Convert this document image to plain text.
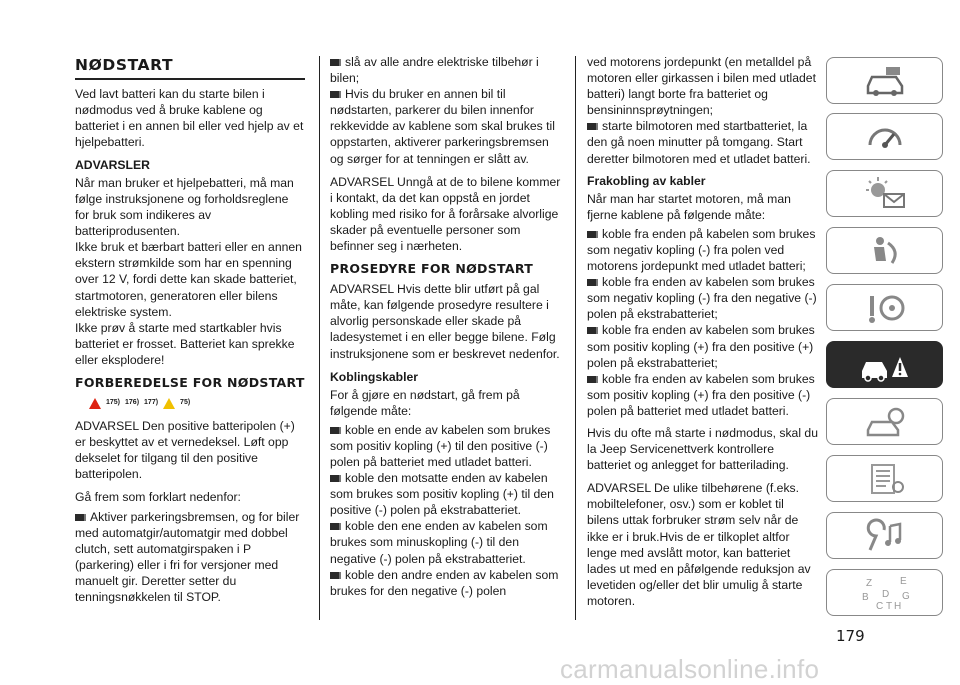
NØDSTART

Ved lavt batteri kan du starte bilen i nødmodus ved å bruke kablene og batteriet i en annen bil eller ved hjelp av et hjelpebatteri.

ADVARSLER

Når man bruker et hjelpebatteri, må man følge instruksjonene og forholdsreglene for bruk som indikeres av batteriprodusenten.

Ikke bruk et bærbart batteri eller en annen ekstern strømkilde som har en spenning over 12 V, fordi dette kan skade batteriet, startmotoren, generatoren eller bilens elektriske system.

Ikke prøv å starte med startkabler hvis batteriet er frosset. Batteriet kan sprekke eller eksplodere!

FORBEREDELSE FOR NØDSTART
175) 176) 177)	75)

ADVARSEL Den positive batteripolen (+) er beskyttet av et vernedeksel. Løft opp dekselet for tilgang til den positive batteripolen.

Gå frem som forklart nedenfor:

Aktiver parkeringsbremsen, og for biler med automatgir/automatgir med dobbel clutch, sett automatgirspaken i P (parkering) eller i fri for versjoner med manuelt gir. Deretter setter du tenningsnøkkelen til STOP.

slå av alle andre elektriske tilbehør i bilen;

Hvis du bruker en annen bil til nødstarten, parkerer du bilen innenfor rekkevidde av kablene som skal brukes til oppstarten, aktiverer parkeringsbremsen og sørger for at tenningen er slått av.

ADVARSEL Unngå at de to bilene kommer i kontakt, da det kan oppstå en jordet kobling med risiko for å forårsake alvorlige skader på eventuelle personer som befinner seg i nærheten.

PROSEDYRE FOR NØDSTART

ADVARSEL Hvis dette blir utført på gal måte, kan følgende prosedyre resultere i alvorlig personskade eller skade på ladesystemet i en eller begge bilene. Følg instruksjonene som er beskrevet nedenfor.

Koblingskabler

For å gjøre en nødstart, gå frem på følgende måte:

koble en ende av kabelen som brukes som positiv kopling (+) til den positive (-) polen på batteriet med utladet batteri.

koble den motsatte enden av kabelen som brukes som positiv kopling (+) til den positive (-) polen på ekstrabatteriet.

koble den ene enden av kabelen som brukes som minuskopling (-) til den negative (-) polen på ekstrabatteriet.

koble den andre enden av kabelen som brukes for den negative (-) polen

ved motorens jordepunkt (en metalldel på motoren eller girkassen i bilen med utladet batteri) langt borte fra batteriet og bensininnsprøytningen;

starte bilmotoren med startbatteriet, la den gå noen minutter på tomgang. Start deretter bilmotoren med et utladet batteri.

Frakobling av kabler

Når man har startet motoren, må man fjerne kablene på følgende måte:

koble fra enden på kabelen som brukes som negativ kopling (-) fra polen ved motorens jordepunkt med utladet batteri;

koble fra enden av kabelen som brukes som negativ kopling (-) fra den negative (-) polen på ekstrabatteriet;

koble fra enden av kabelen som brukes som positiv kopling (+) fra den positive (+) polen på ekstrabatteriet;

koble fra enden av kabelen som brukes som positiv kopling (+) fra den positive (-) polen på batteriet med utladet batteri.

Hvis du ofte må starte i nødmodus, skal du la Jeep Servicenettverk kontrollere batteriet og anlegget for batterilading.

ADVARSEL De ulike tilbehørene (f.eks. mobiltelefoner, osv.) som er koblet til bilens uttak forbruker strøm selv når de ikke er i bruk.Hvis de er tilkoplet altfor lenge med avslått motor, kan batteriet lades ut med en påfølgende reduksjon av levetiden og/eller det blir umulig å starte motoren.

Z	E
B
C T
D G
H
179
carmanualsonline.info
